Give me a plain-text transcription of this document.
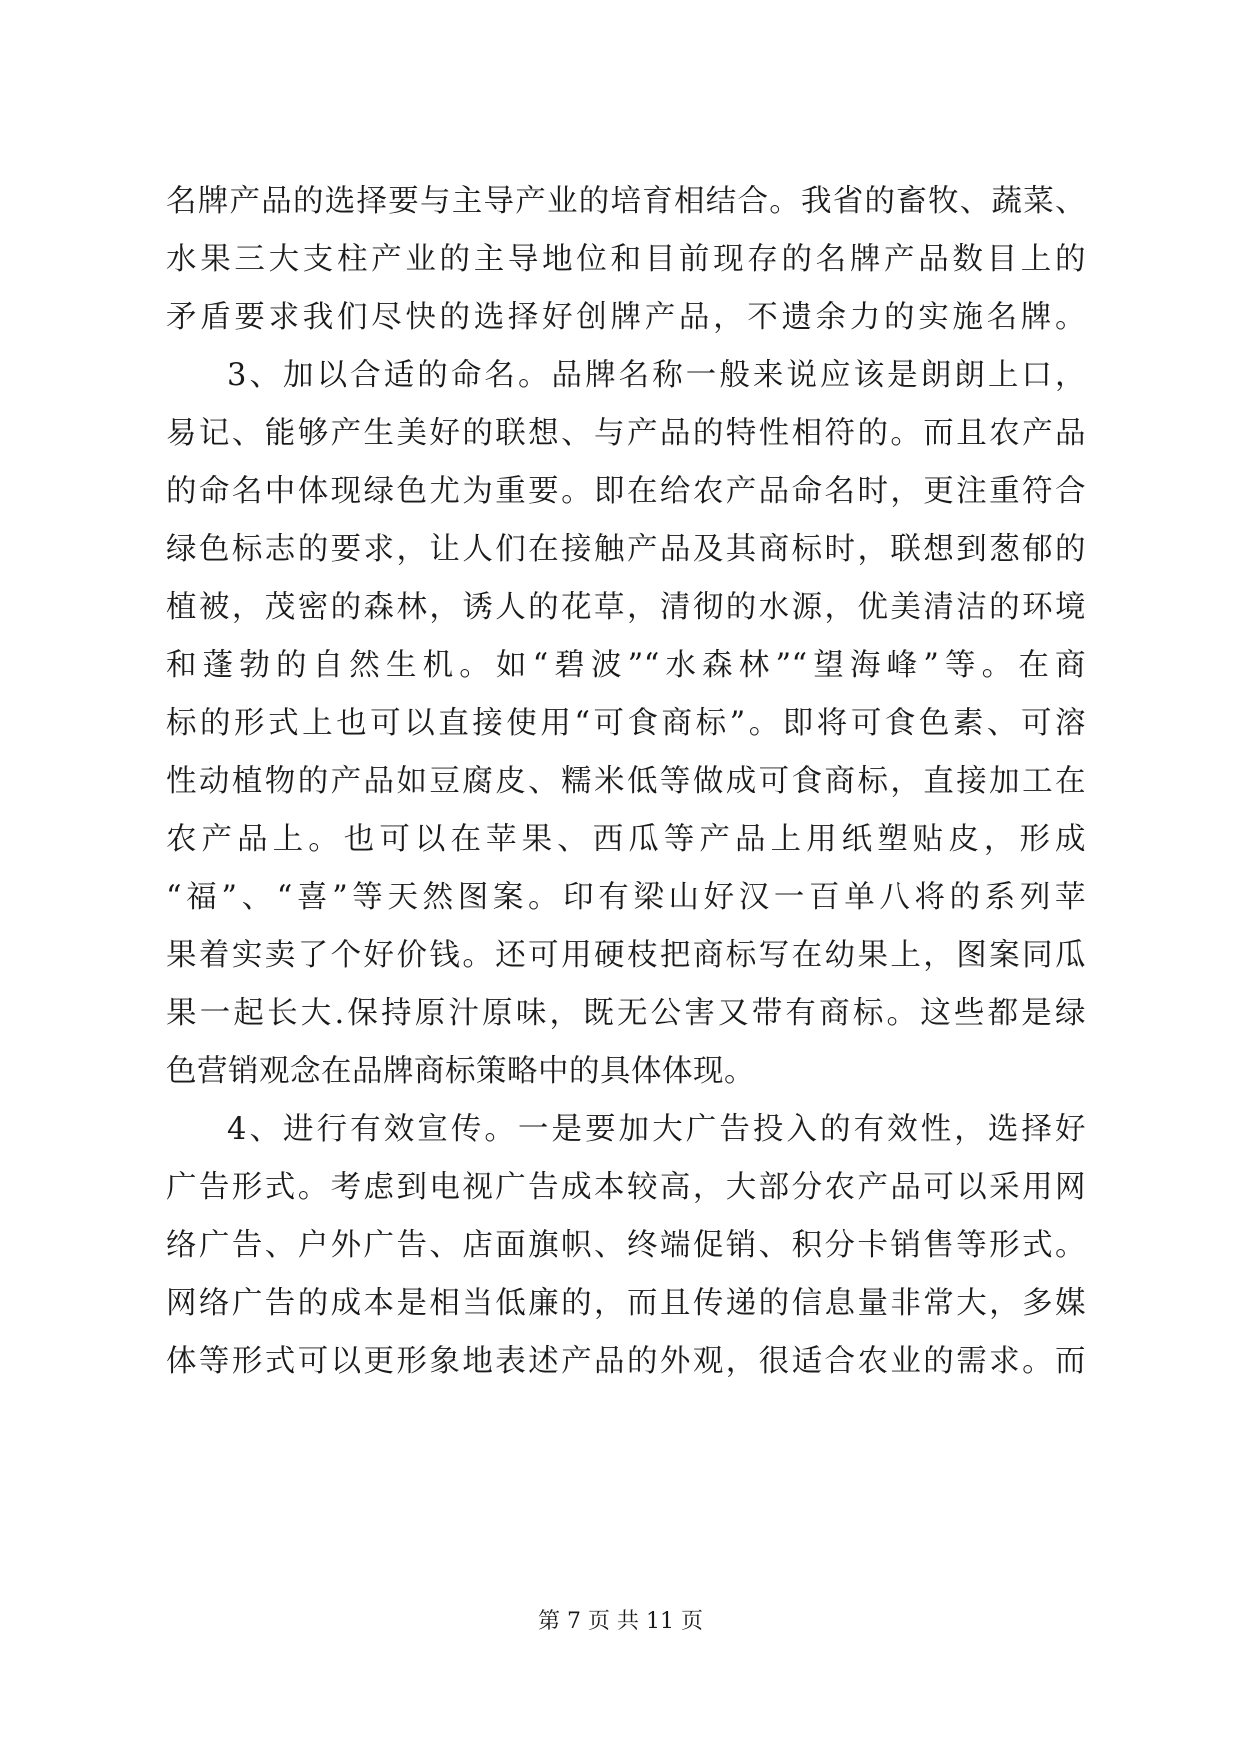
名牌产品的选择要与主导产业的培育相结合。我省的畜牧、蔬菜、
水果三大支柱产业的主导地位和目前现存的名牌产品数目上的
矛盾要求我们尽快的选择好创牌产品，不遗余力的实施名牌。
3、加以合适的命名。品牌名称一般来说应该是朗朗上口，
易记、能够产生美好的联想、与产品的特性相符的。而且农产品
的命名中体现绿色尤为重要。即在给农产品命名时，更注重符合
绿色标志的要求，让人们在接触产品及其商标时，联想到葱郁的
植被，茂密的森林，诱人的花草，清彻的水源，优美清洁的环境
和蓬勃的自然生机。如“碧波”“水森林”“望海峰”等。在商
标的形式上也可以直接使用“可食商标”。即将可食色素、可溶
性动植物的产品如豆腐皮、糯米低等做成可食商标，直接加工在
农产品上。也可以在苹果、西瓜等产品上用纸塑贴皮，形成
“福”、“喜”等天然图案。印有梁山好汉一百单八将的系列苹
果着实卖了个好价钱。还可用硬枝把商标写在幼果上，图案同瓜
果一起长大.保持原汁原味，既无公害又带有商标。这些都是绿
色营销观念在品牌商标策略中的具体体现。
4、进行有效宣传。一是要加大广告投入的有效性，选择好
广告形式。考虑到电视广告成本较高，大部分农产品可以采用网
络广告、户外广告、店面旗帜、终端促销、积分卡销售等形式。
网络广告的成本是相当低廉的，而且传递的信息量非常大，多媒
体等形式可以更形象地表述产品的外观，很适合农业的需求。而
第 7 页 共 11 页
